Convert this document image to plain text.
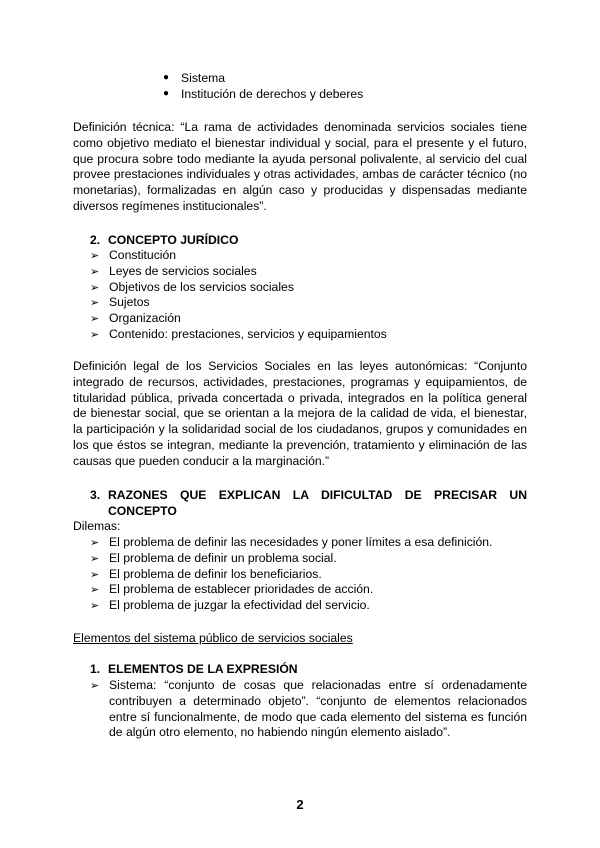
● Sistema
● Institución de derechos y deberes

Definición técnica: “La rama de actividades denominada servicios sociales tiene como objetivo mediato el bienestar individual y social, para el presente y el futuro, que procura sobre todo mediante la ayuda personal polivalente, al servicio del cual provee prestaciones individuales y otras actividades, ambas de carácter técnico (no monetarias), formalizadas en algún caso y producidas y dispensadas mediante diversos regímenes institucionales”.

2. CONCEPTO JURÍDICO

➢ Constitución
➢ Leyes de servicios sociales
➢ Objetivos de los servicios sociales
➢ Sujetos
➢ Organización
➢ Contenido: prestaciones, servicios y equipamientos

Definición legal de los Servicios Sociales en las leyes autonómicas: “Conjunto integrado de recursos, actividades, prestaciones, programas y equipamientos, de titularidad pública, privada concertada o privada, integrados en la política general de bienestar social, que se orientan a la mejora de la calidad de vida, el bienestar, la participación y la solidaridad social de los ciudadanos, grupos y comunidades en los que éstos se integran, mediante la prevención, tratamiento y eliminación de las causas que pueden conducir a la marginación.”

3. RAZONES QUE EXPLICAN LA DIFICULTAD DE PRECISAR UN
CONCEPTO

Dilemas:

➢ El problema de definir las necesidades y poner límites a esa definición.
➢ El problema de definir un problema social.
➢ El problema de definir los beneficiarios.
➢ El problema de establecer prioridades de acción.
➢ El problema de juzgar la efectividad del servicio.

Elementos del sistema público de servicios sociales

1. ELEMENTOS DE LA EXPRESIÓN

➢ Sistema: “conjunto de cosas que relacionadas entre sí ordenadamente contribuyen a determinado objeto”. “conjunto de elementos relacionados entre sí funcionalmente, de modo que cada elemento del sistema es función de algún otro elemento, no habiendo ningún elemento aislado”.
2
